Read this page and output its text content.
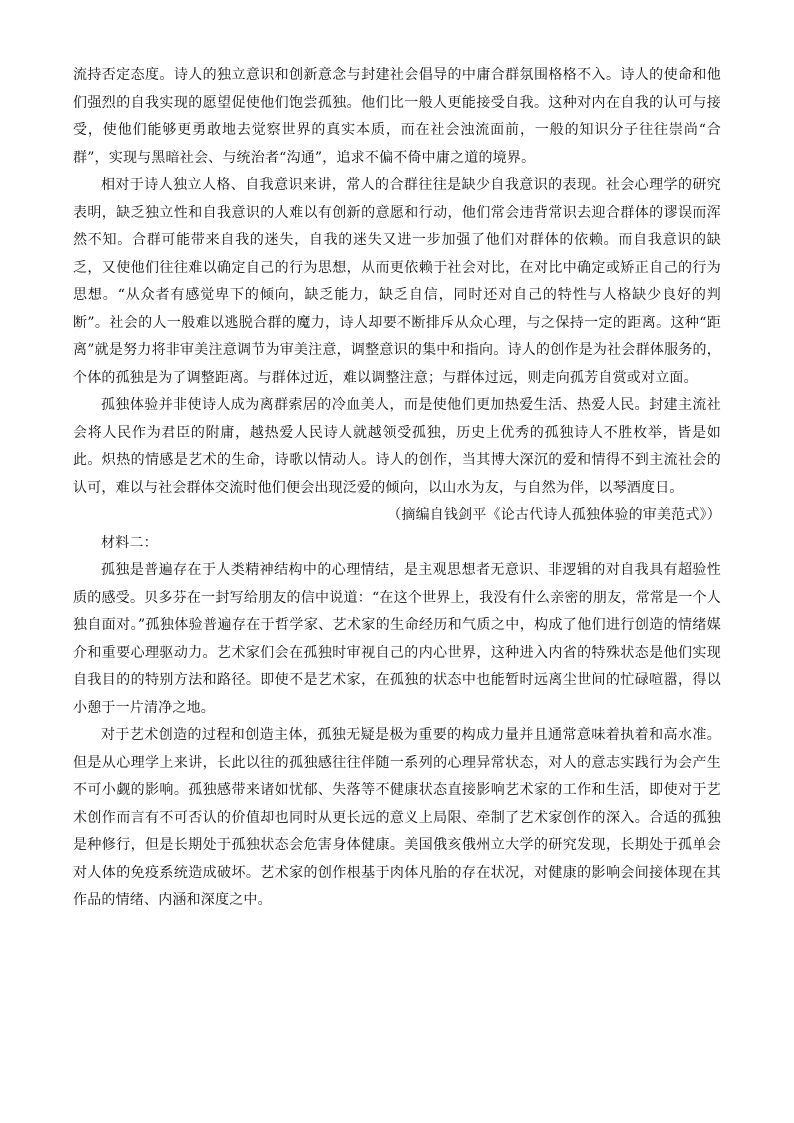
流持否定态度。诗人的独立意识和创新意念与封建社会倡导的中庸合群氛围格格不入。诗人的使命和他们强烈的自我实现的愿望促使他们饱尝孤独。他们比一般人更能接受自我。这种对内在自我的认可与接受，使他们能够更勇敢地去觉察世界的真实本质，而在社会浊流面前，一般的知识分子往往崇尚“合群”，实现与黑暗社会、与统治者“沟通”，追求不偏不倚中庸之道的境界。

相对于诗人独立人格、自我意识来讲，常人的合群往往是缺少自我意识的表现。社会心理学的研究表明，缺乏独立性和自我意识的人难以有创新的意愿和行动，他们常会违背常识去迎合群体的谬误而浑然不知。合群可能带来自我的迷失，自我的迷失又进一步加强了他们对群体的依赖。而自我意识的缺乏，又使他们往往难以确定自己的行为思想，从而更依赖于社会对比，在对比中确定或矫正自己的行为思想。“从众者有感觉卑下的倾向，缺乏能力，缺乏自信，同时还对自己的特性与人格缺少良好的判断”。社会的人一般难以逃脱合群的魔力，诗人却要不断排斥从众心理，与之保持一定的距离。这种“距离”就是努力将非审美注意调节为审美注意，调整意识的集中和指向。诗人的创作是为社会群体服务的，个体的孤独是为了调整距离。与群体过近，难以调整注意；与群体过远，则走向孤芳自赏或对立面。

孤独体验并非使诗人成为离群索居的冷血美人，而是使他们更加热爱生活、热爱人民。封建主流社会将人民作为君臣的附庸，越热爱人民诗人就越领受孤独，历史上优秀的孤独诗人不胜枚举，皆是如此。炽热的情感是艺术的生命，诗歌以情动人。诗人的创作，当其博大深沉的爱和情得不到主流社会的认可，难以与社会群体交流时他们便会出现泛爱的倾向，以山水为友，与自然为伴，以琴酒度日。

（摘编自钱剑平《论古代诗人孤独体验的审美范式》）

材料二：

孤独是普遍存在于人类精神结构中的心理情结，是主观思想者无意识、非逻辑的对自我具有超验性质的感受。贝多芬在一封写给朋友的信中说道：“在这个世界上，我没有什么亲密的朋友，常常是一个人独自面对。”孤独体验普遍存在于哲学家、艺术家的生命经历和气质之中，构成了他们进行创造的情绪媒介和重要心理驱动力。艺术家们会在孤独时审视自己的内心世界，这种进入内省的特殊状态是他们实现自我目的的特别方法和路径。即使不是艺术家，在孤独的状态中也能暂时远离尘世间的忙碌喧嚣，得以小憩于一片清净之地。

对于艺术创造的过程和创造主体，孤独无疑是极为重要的构成力量并且通常意味着执着和高水准。但是从心理学上来讲，长此以往的孤独感往往伴随一系列的心理异常状态，对人的意志实践行为会产生不可小觑的影响。孤独感带来诸如忧郁、失落等不健康状态直接影响艺术家的工作和生活，即使对于艺术创作而言有不可否认的价值却也同时从更长远的意义上局限、牵制了艺术家创作的深入。合适的孤独是种修行，但是长期处于孤独状态会危害身体健康。美国俄亥俄州立大学的研究发现，长期处于孤单会对人体的免疫系统造成破坏。艺术家的创作根基于肉体凡胎的存在状况，对健康的影响会间接体现在其作品的情绪、内涵和深度之中。
